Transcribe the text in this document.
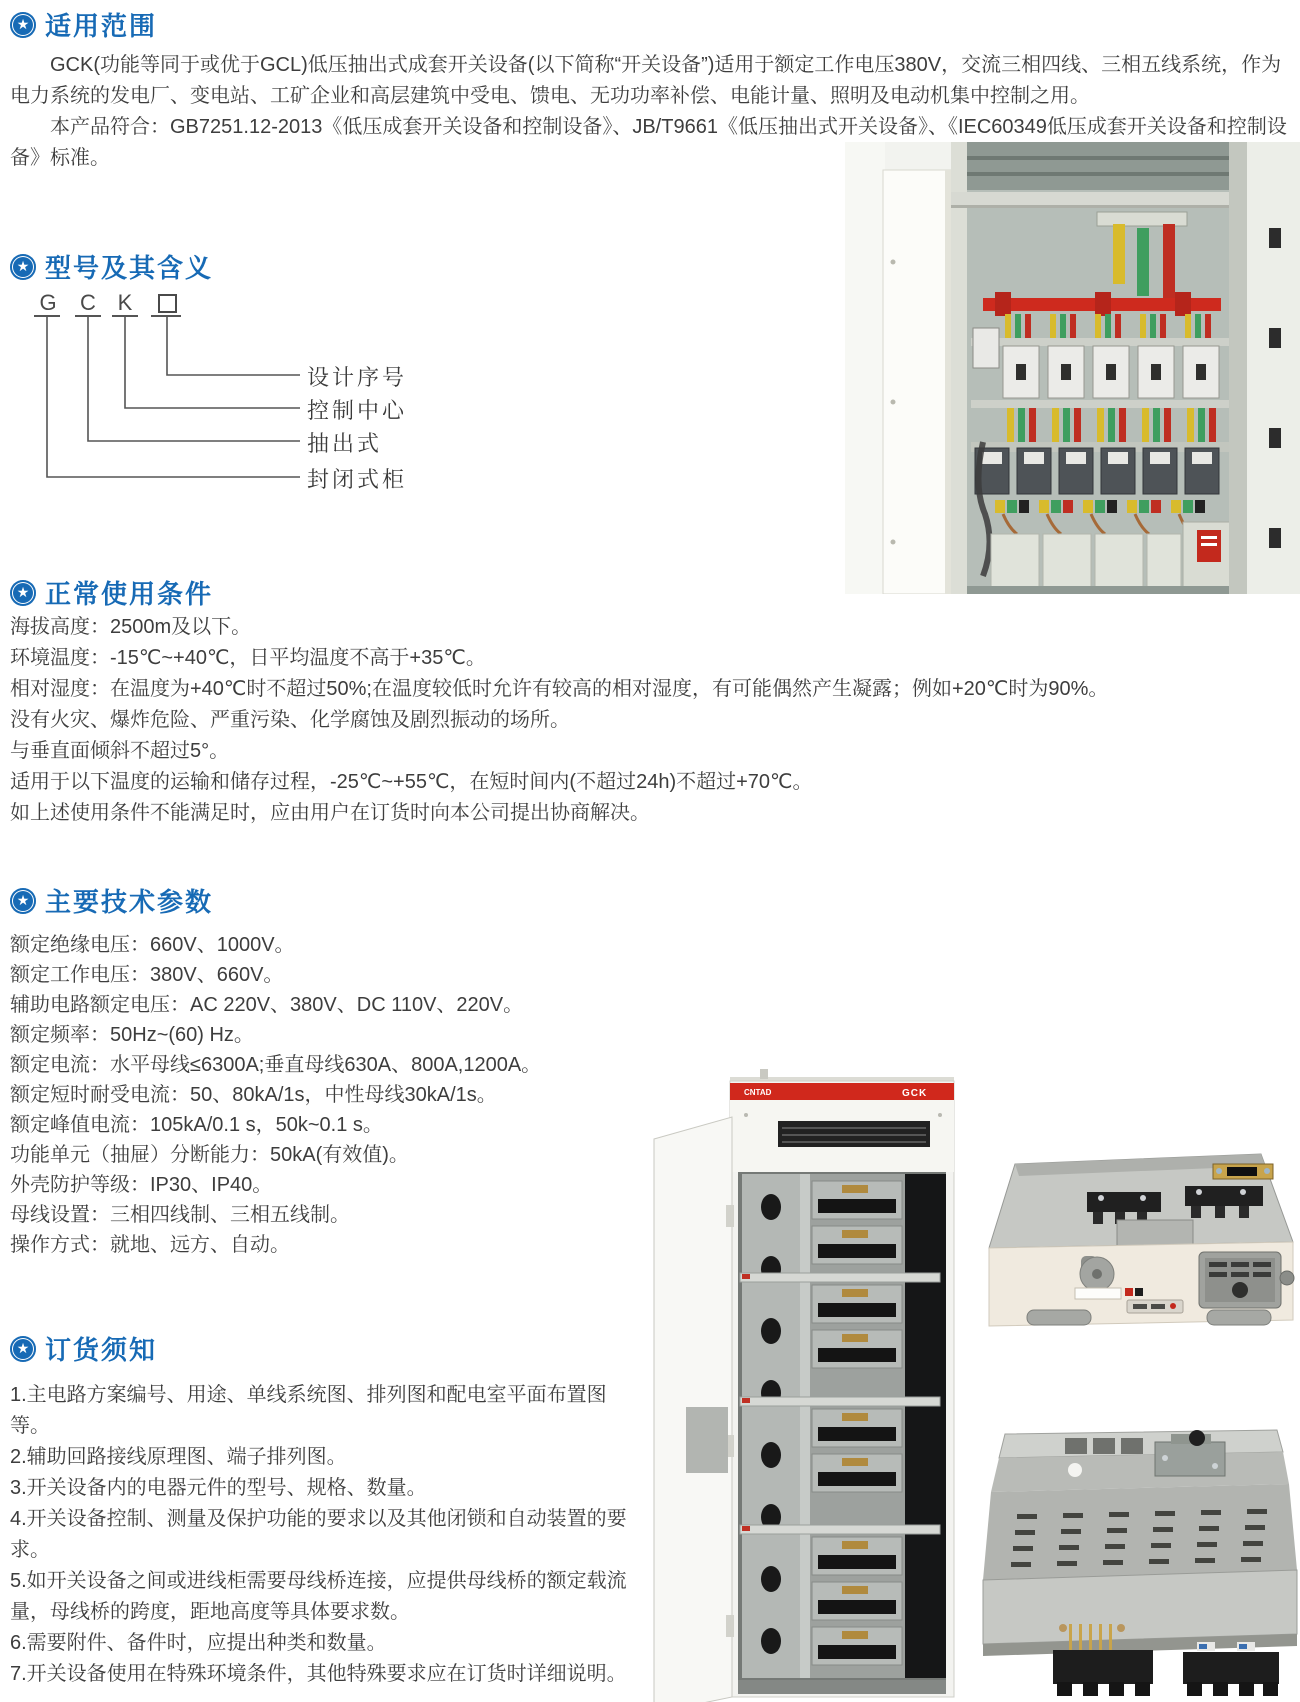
★ 适用范围

GCK(功能等同于或优于GCL)低压抽出式成套开关设备(以下简称“开关设备”)适用于额定工作电压380V，交流三相四线、三相五线系统，作为电力系统的发电厂、变电站、工矿企业和高层建筑中受电、馈电、无功功率补偿、电能计量、照明及电动机集中控制之用。

本产品符合：GB7251.12-2013《低压成套开关设备和控制设备》、JB/T9661《低压抽出式开关设备》、《IEC60349低压成套开关设备和控制设备》标准。

★ 型号及其含义
G	C K
设计序号
控制中心
抽出式
封闭式柜
★ 正常使用条件
海拔高度：2500m及以下。
环境温度：-15℃~+40℃，日平均温度不高于+35℃。
相对湿度：在温度为+40℃时不超过50%;在温度较低时允许有较高的相对湿度，有可能偶然产生凝露；例如+20℃时为90%。
没有火灾、爆炸危险、严重污染、化学腐蚀及剧烈振动的场所。
与垂直面倾斜不超过5°。
适用于以下温度的运输和储存过程，-25℃~+55℃，在短时间内(不超过24h)不超过+70℃。
如上述使用条件不能满足时，应由用户在订货时向本公司提出协商解决。
★ 主要技术参数
额定绝缘电压：660V、1000V。
额定工作电压：380V、660V。
辅助电路额定电压：AC 220V、380V、DC 110V、220V。
额定频率：50Hz~(60) Hz。
额定电流：水平母线≤6300A;垂直母线630A、800A,1200A。
额定短时耐受电流：50、80kA/1s，中性母线30kA/1s。
额定峰值电流：105kA/0.1 s，50k~0.1 s。
功能单元（抽屉）分断能力：50kA(有效值)。
外壳防护等级：IP30、IP40。
母线设置：三相四线制、三相五线制。
操作方式：就地、远方、自动。
★ 订货须知
1.主电路方案编号、用途、单线系统图、排列图和配电室平面布置图等。
2.辅助回路接线原理图、端子排列图。
3.开关设备内的电器元件的型号、规格、数量。
4.开关设备控制、测量及保护功能的要求以及其他闭锁和自动装置的要求。
5.如开关设备之间或进线柜需要母线桥连接，应提供母线桥的额定载流量，母线桥的跨度，距地高度等具体要求数。
6.需要附件、备件时，应提出种类和数量。
7.开关设备使用在特殊环境条件，其他特殊要求应在订货时详细说明。
CNTAD	GCK
